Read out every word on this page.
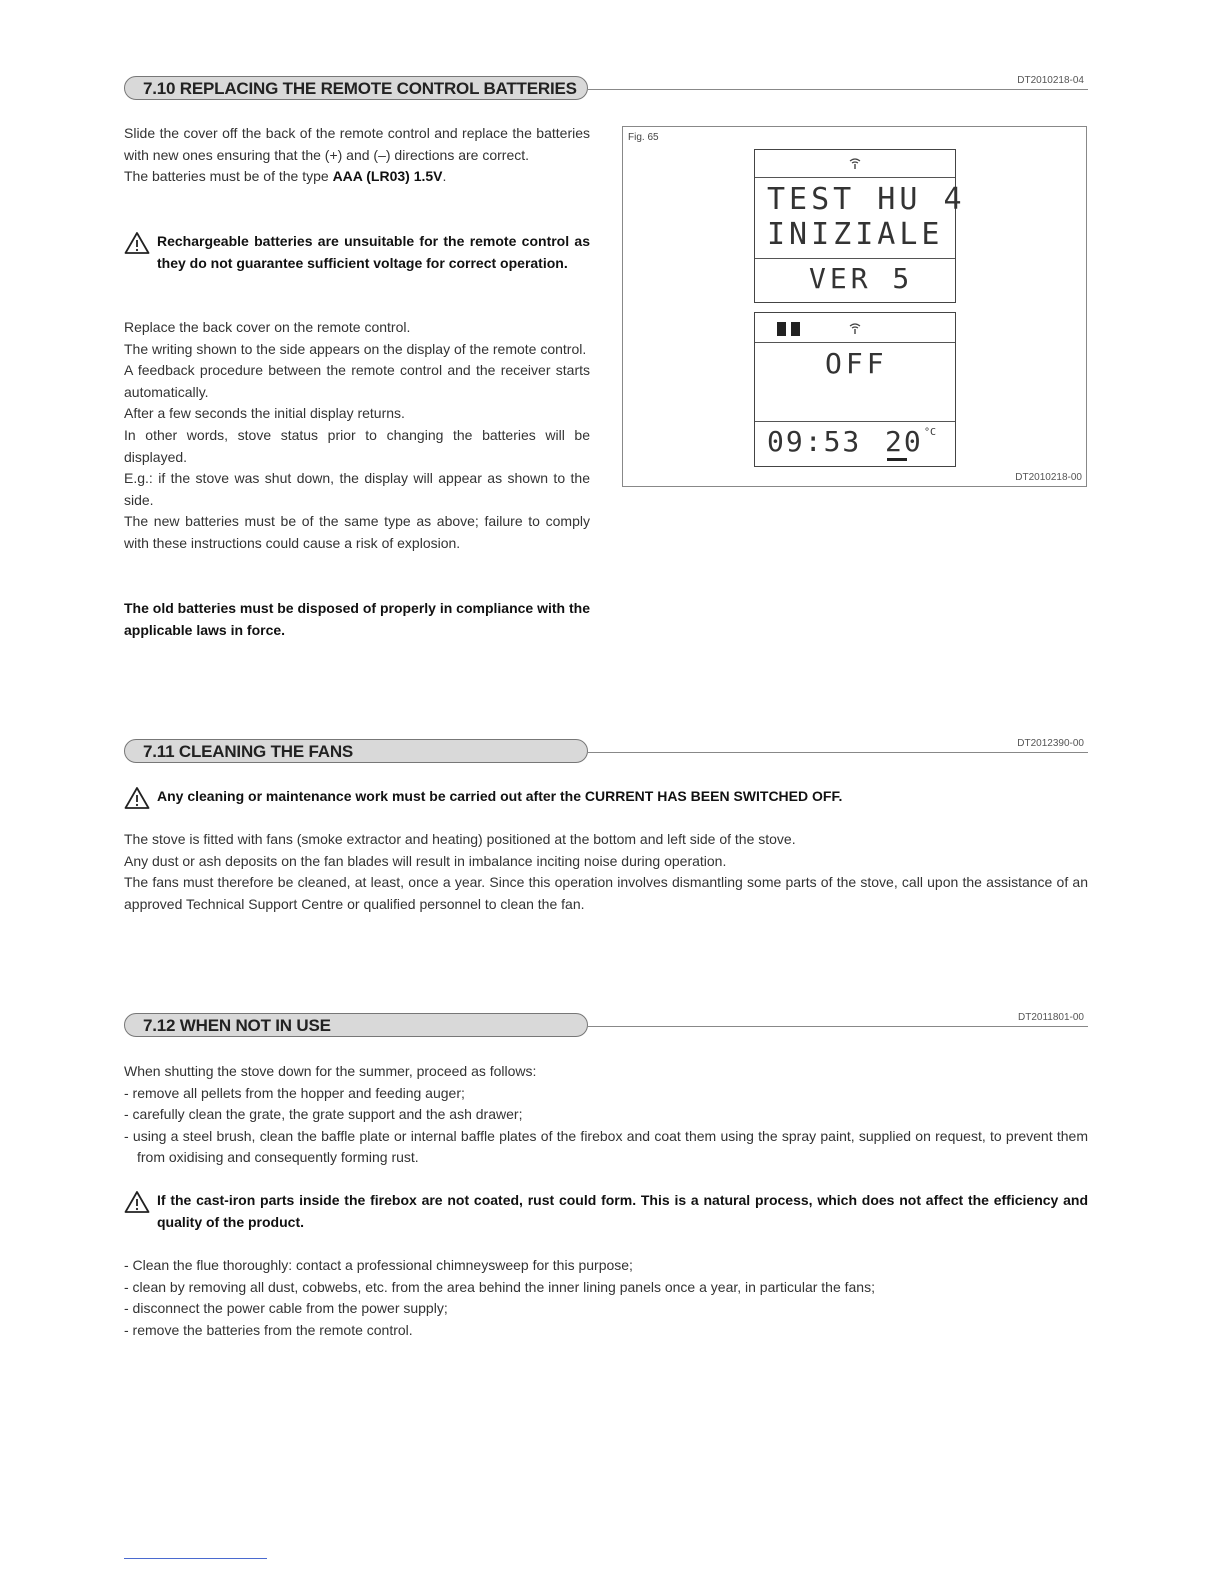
7.10 REPLACING THE REMOTE CONTROL BATTERIES	DT2010218-04

Slide the cover off the back of the remote control and replace the batteries with new ones ensuring that the (+) and (–) directions are correct.

The batteries must be of the type AAA (LR03) 1.5V.

Rechargeable batteries are unsuitable for the remote control as they do not guarantee sufficient voltage for correct operation.

Replace the back cover on the remote control.

The writing shown to the side appears on the display of the remote control.

A feedback procedure between the remote control and the receiver starts automatically.

After a few seconds the initial display returns.

In other words, stove status prior to changing the batteries will be displayed.

E.g.: if the stove was shut down, the display will appear as shown to the side.

The new batteries must be of the same type as above; failure to comply with these instructions could cause a risk of explosion.

The old batteries must be disposed of properly in compliance with the applicable laws in force.
Fig. 65
TEST HU 4
INIZIALE
VER 5
OFF
09:53 20 °C
DT2010218-00
7.11 CLEANING THE FANS	DT2012390-00
Any cleaning or maintenance work must be carried out after the CURRENT HAS BEEN SWITCHED OFF.

The stove is fitted with fans (smoke extractor and heating) positioned at the bottom and left side of the stove.

Any dust or ash deposits on the fan blades will result in imbalance inciting noise during operation.

The fans must therefore be cleaned, at least, once a year. Since this operation involves dismantling some parts of the stove, call upon the assistance of an approved Technical Support Centre or qualified personnel to clean the fan.

7.12 WHEN NOT IN USE	DT2011801-00

When shutting the stove down for the summer, proceed as follows:

- remove all pellets from the hopper and feeding auger;

- carefully clean the grate, the grate support and the ash drawer;

- using a steel brush, clean the baffle plate or internal baffle plates of the firebox and coat them using the spray paint, supplied on request, to prevent them from oxidising and consequently forming rust.

If the cast-iron parts inside the firebox are not coated, rust could form. This is a natural process, which does not affect the efficiency and quality of the product.

- Clean the flue thoroughly: contact a professional chimneysweep for this purpose;

- clean by removing all dust, cobwebs, etc. from the area behind the inner lining panels once a year, in particular the fans;

- disconnect the power cable from the power supply;

- remove the batteries from the remote control.
